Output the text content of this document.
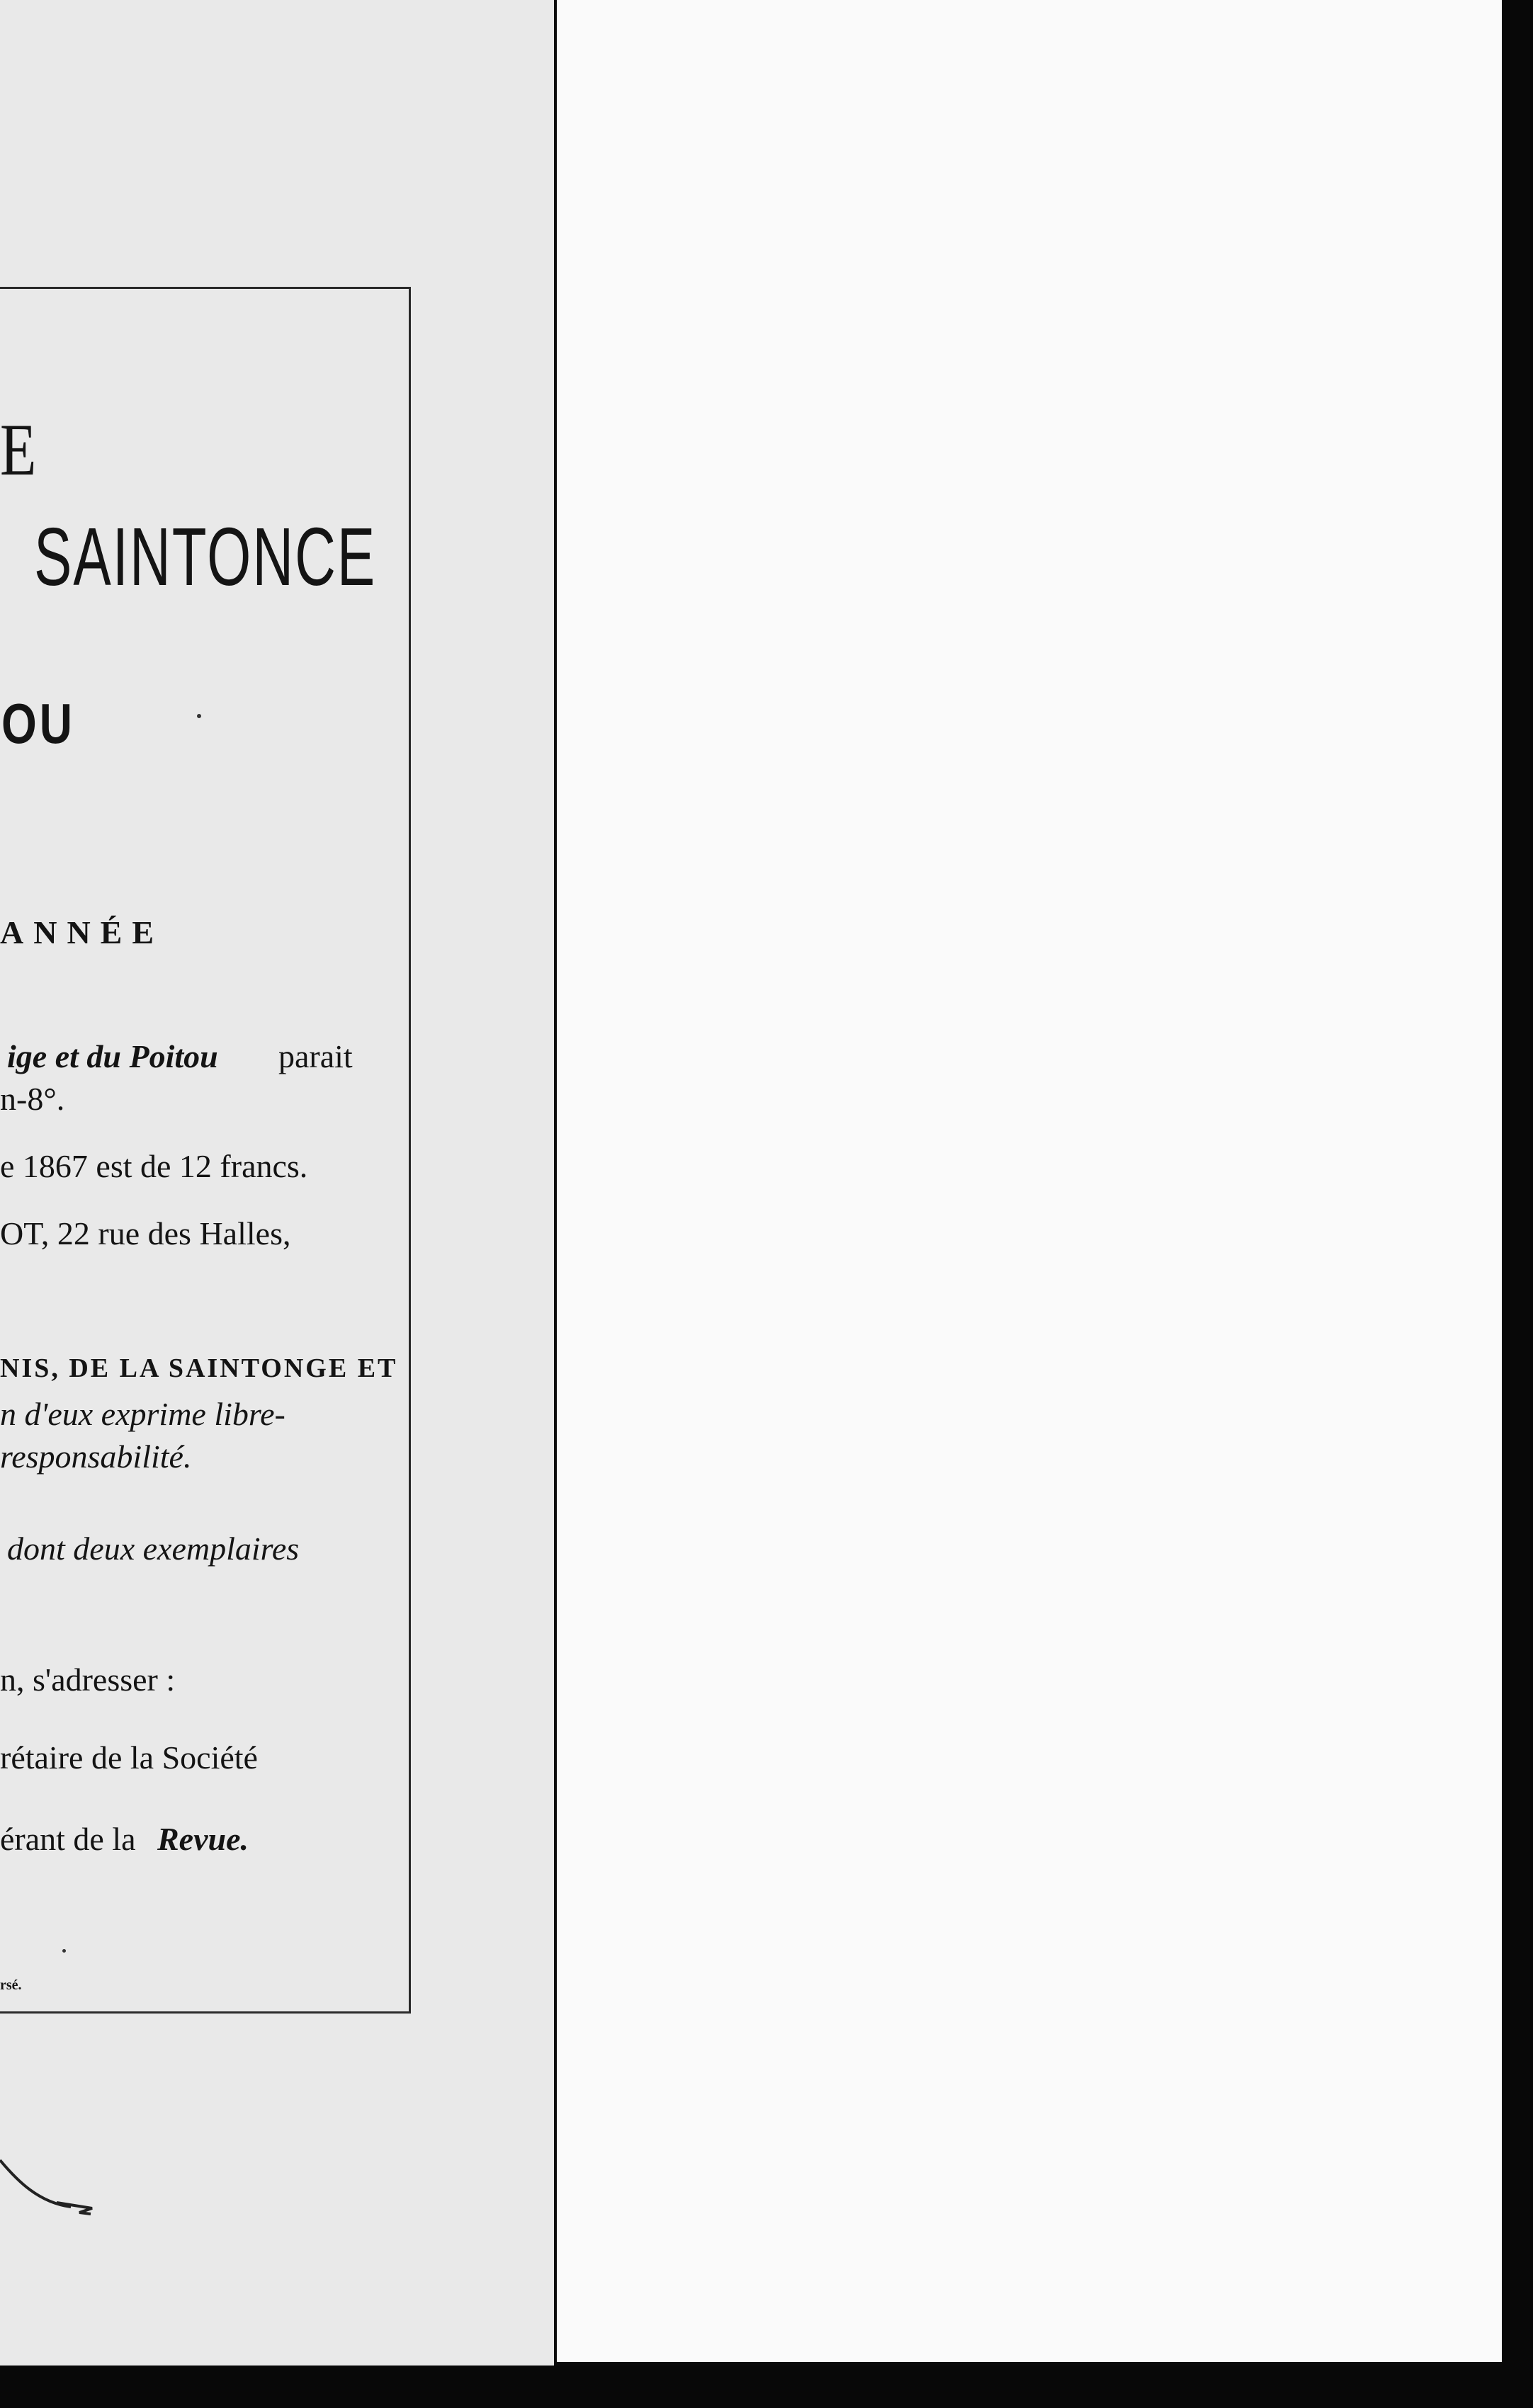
E
SAINTONCE
OU
ANNÉE
ige et du Poitou parait
n-8°.
e 1867 est de 12 francs.
OT, 22 rue des Halles,
NIS, DE LA SAINTONGE ET
n d'eux exprime libre-
responsabilité.
dont deux exemplaires
n, s'adresser :
rétaire de la Société
érant de la Revue.
rsé.
